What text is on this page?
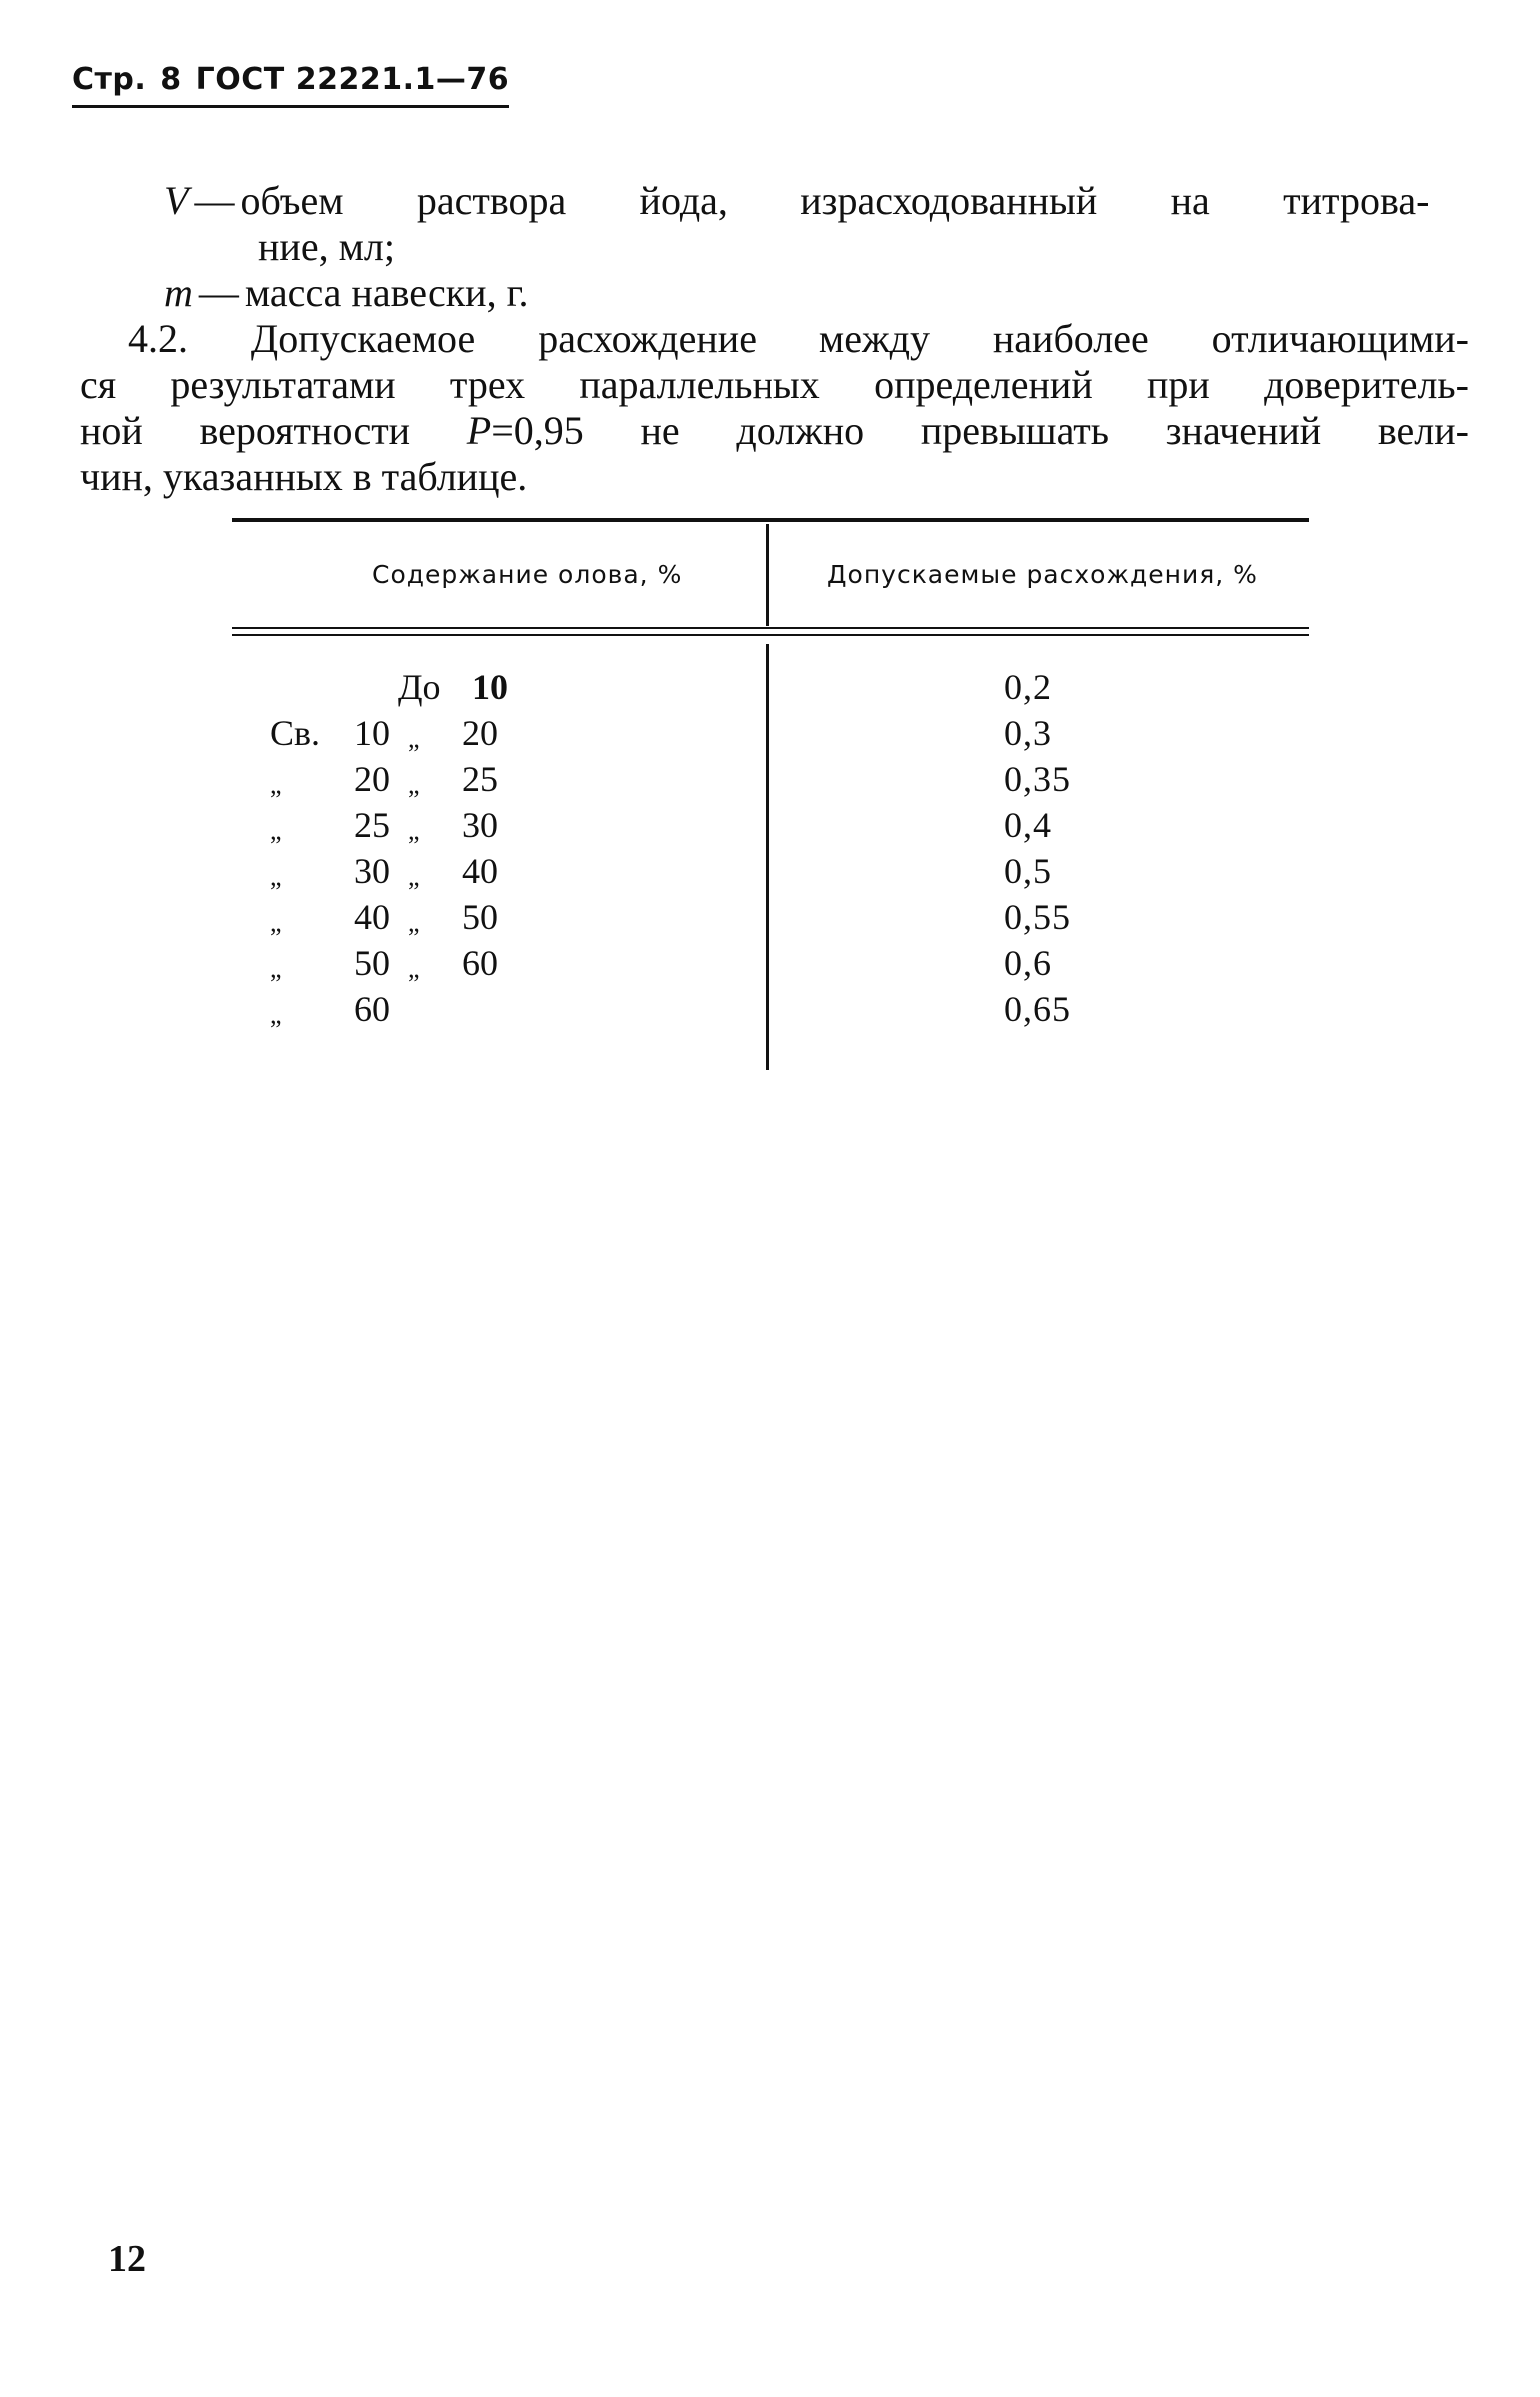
Стр. 8 ГОСТ 22221.1—76
V — объем раствора йода, израсходованный на титрова-
ние, мл;
m — масса навески, г.
4.2. Допускаемое расхождение между наиболее отличающими-
ся результатами трех параллельных определений при доверитель-
ной вероятности P=0,95 не должно превышать значений вели-
чин, указанных в таблице.
Содержание олова, %	Допускаемые расхождения, %
До 10	0,2
Св. 10 „ 20	0,3
„	20 „ 25	0,35
„	25 „ 30	0,4
„	30 „ 40	0,5
„	40 „ 50	0,55
„	50 „ 60	0,6
„	60	0,65
12
